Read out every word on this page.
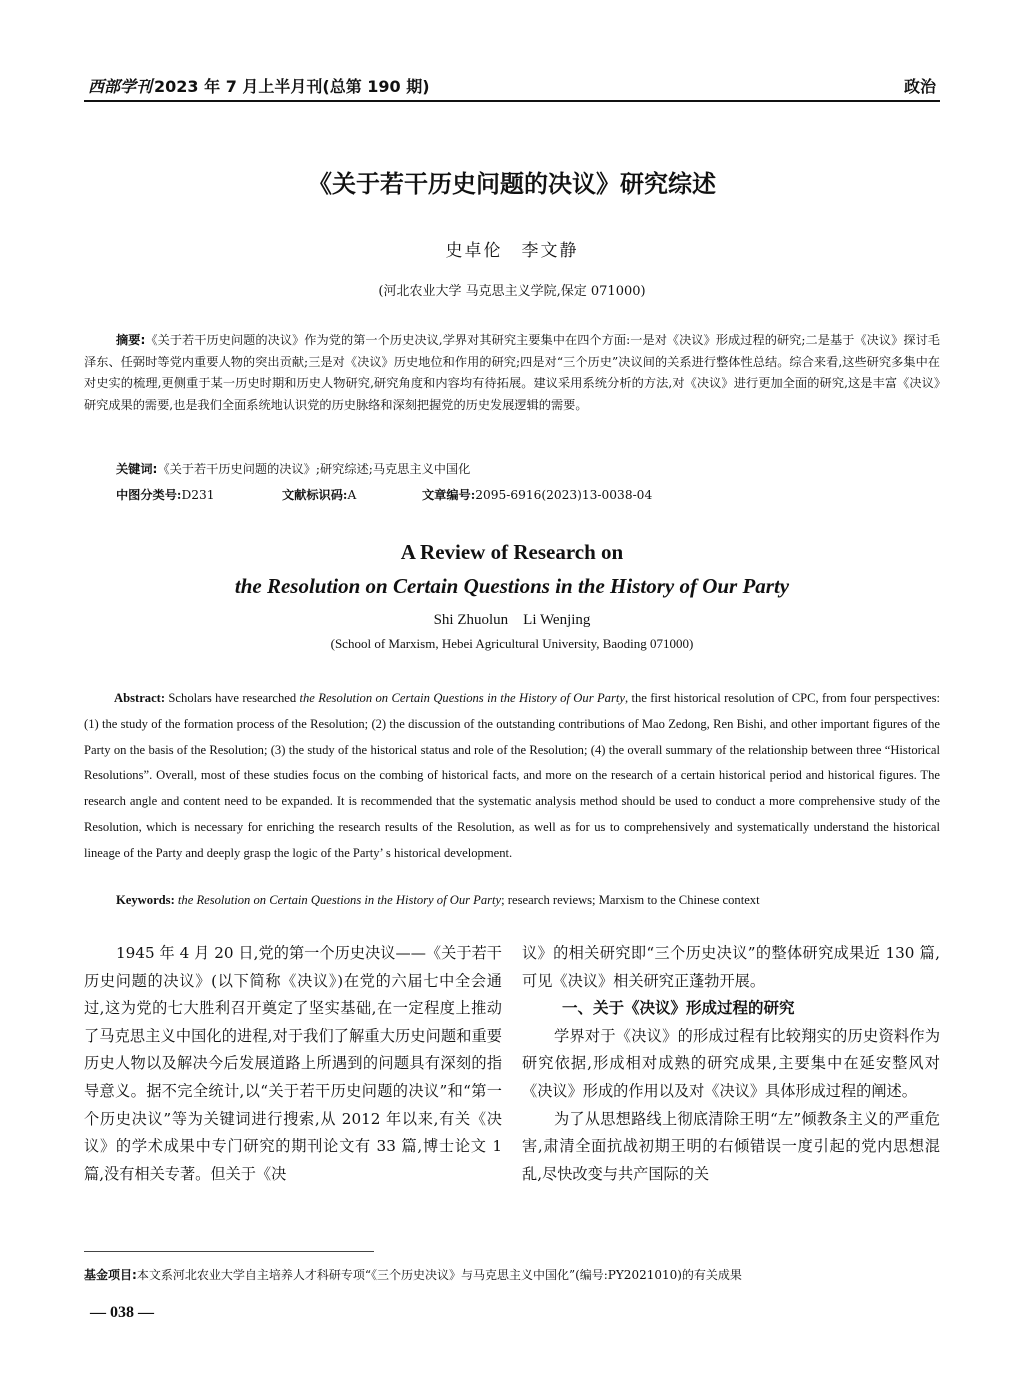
西部学刊 2023 年 7 月上半月刊(总第 190 期)	政治
《关于若干历史问题的决议》研究综述
史卓伦　李文静
(河北农业大学 马克思主义学院,保定 071000)
摘要:《关于若干历史问题的决议》作为党的第一个历史决议,学界对其研究主要集中在四个方面:一是对《决议》形成过程的研究;二是基于《决议》探讨毛泽东、任弼时等党内重要人物的突出贡献;三是对《决议》历史地位和作用的研究;四是对“三个历史”决议间的关系进行整体性总结。综合来看,这些研究多集中在对史实的梳理,更侧重于某一历史时期和历史人物研究,研究角度和内容均有待拓展。建议采用系统分析的方法,对《决议》进行更加全面的研究,这是丰富《决议》研究成果的需要,也是我们全面系统地认识党的历史脉络和深刻把握党的历史发展逻辑的需要。
关键词:《关于若干历史问题的决议》;研究综述;马克思主义中国化
中图分类号:D231	文献标识码:A	文章编号:2095-6916(2023)13-0038-04
A Review of Research on
the Resolution on Certain Questions in the History of Our Party
Shi Zhuolun　Li Wenjing
(School of Marxism, Hebei Agricultural University, Baoding 071000)
Abstract: Scholars have researched the Resolution on Certain Questions in the History of Our Party, the first historical resolution of CPC, from four perspectives: (1) the study of the formation process of the Resolution; (2) the discussion of the outstanding contributions of Mao Zedong, Ren Bishi, and other important figures of the Party on the basis of the Resolution; (3) the study of the historical status and role of the Resolution; (4) the overall summary of the relationship between three “Historical Resolutions”. Overall, most of these studies focus on the combing of historical facts, and more on the research of a certain historical period and historical figures. The research angle and content need to be expanded. It is recommended that the systematic analysis method should be used to conduct a more comprehensive study of the Resolution, which is necessary for enriching the research results of the Resolution, as well as for us to comprehensively and systematically understand the historical lineage of the Party and deeply grasp the logic of the Party’ s historical development.
Keywords: the Resolution on Certain Questions in the History of Our Party; research reviews; Marxism to the Chinese context

1945 年 4 月 20 日,党的第一个历史决议——《关于若干历史问题的决议》(以下简称《决议》)在党的六届七中全会通过,这为党的七大胜利召开奠定了坚实基础,在一定程度上推动了马克思主义中国化的进程,对于我们了解重大历史问题和重要历史人物以及解决今后发展道路上所遇到的问题具有深刻的指导意义。据不完全统计,以“关于若干历史问题的决议”和“第一个历史决议”等为关键词进行搜索,从 2012 年以来,有关《决议》的学术成果中专门研究的期刊论文有 33 篇,博士论文 1 篇,没有相关专著。但关于《决

议》的相关研究即“三个历史决议”的整体研究成果近 130 篇,可见《决议》相关研究正蓬勃开展。

一、关于《决议》形成过程的研究

学界对于《决议》的形成过程有比较翔实的历史资料作为研究依据,形成相对成熟的研究成果,主要集中在延安整风对《决议》形成的作用以及对《决议》具体形成过程的阐述。

为了从思想路线上彻底清除王明“左”倾教条主义的严重危害,肃清全面抗战初期王明的右倾错误一度引起的党内思想混乱,尽快改变与共产国际的关

基金项目:本文系河北农业大学自主培养人才科研专项“《三个历史决议》与马克思主义中国化”(编号:PY2021010)的有关成果
— 038 —
